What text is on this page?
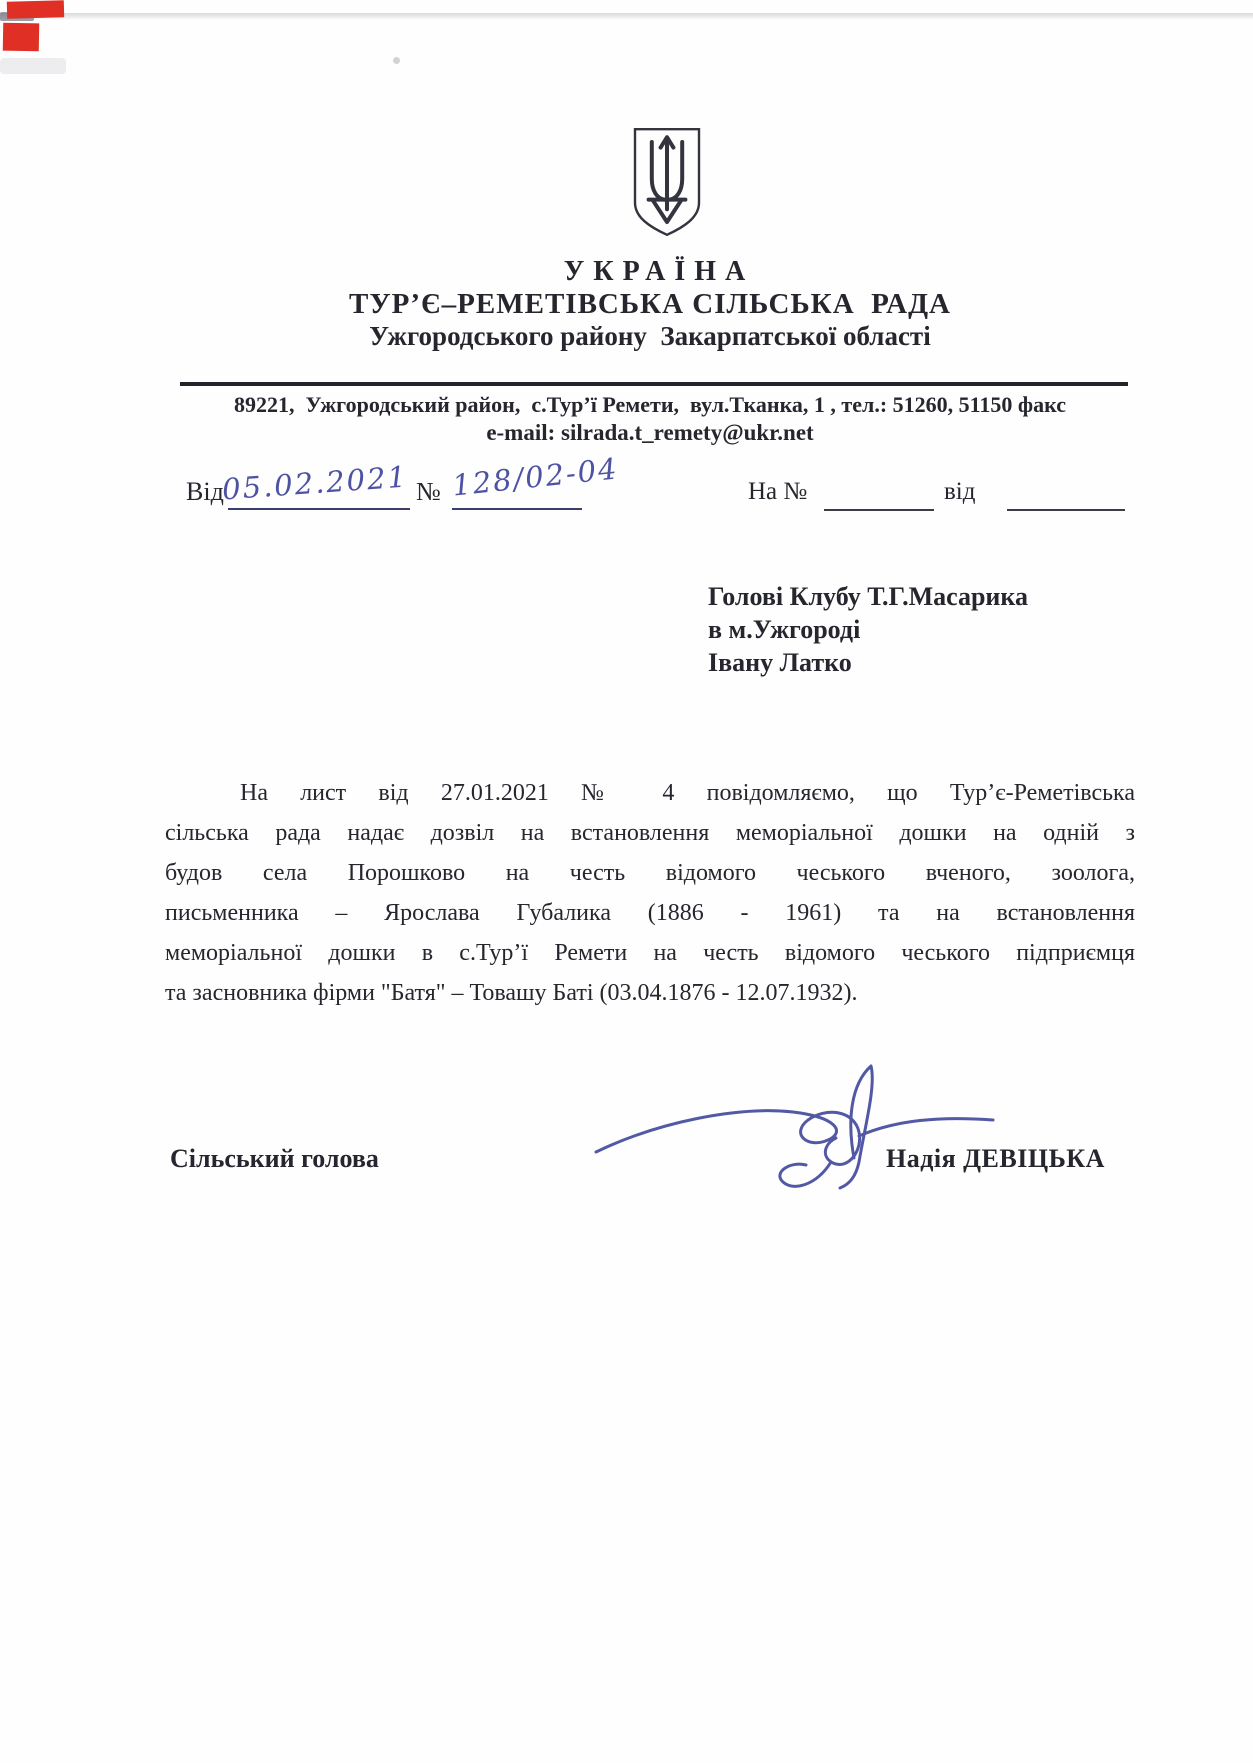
УКРАЇНА
ТУР’Є–РЕМЕТІВСЬКА СІЛЬСЬКА  РАДА
Ужгородського району  Закарпатської області
89221,  Ужгородський район,  с.Тур’ї Ремети,  вул.Тканка, 1 , тел.: 51260, 51150 факс
e-mail: silrada.t_remety@ukr.net
Від
05.02.2021 № 128/02-04	На №	від
Голові Клубу Т.Г.Масарика
в м.Ужгороді
Івану Латко
На лист від 27.01.2021 № 4 повідомляємо, що Тур’є-Реметівська
сільська рада надає дозвіл на встановлення меморіальної дошки на одній з
будов села Порошково на честь відомого чеського вченого, зоолога,
письменника – Ярослава Губалика (1886 - 1961) та на встановлення
меморіальної дошки в с.Тур’ї Ремети на честь відомого чеського підприємця
та засновника фірми "Батя" – Товашу Баті (03.04.1876 - 12.07.1932).
Сільський голова	Надія ДЕВІЦЬКА
